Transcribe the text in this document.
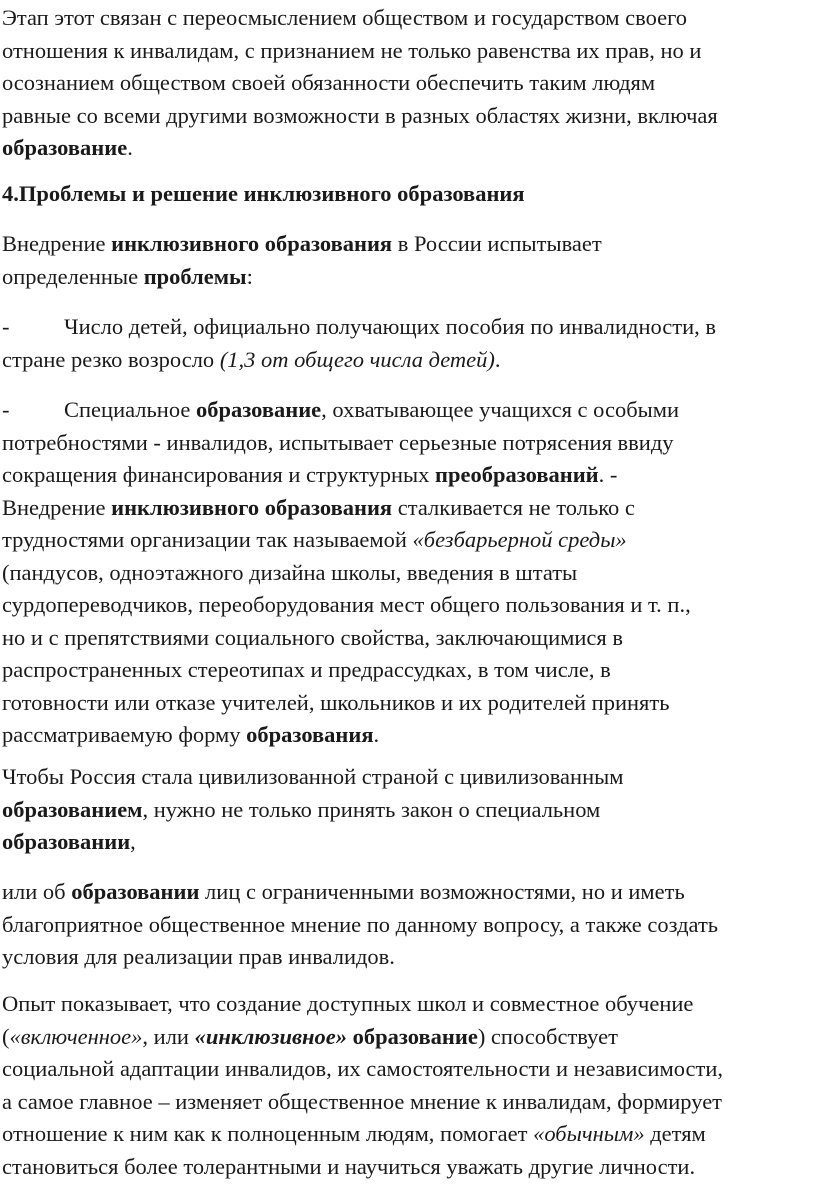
Этап этот связан с переосмыслением обществом и государством своего
отношения к инвалидам, с признанием не только равенства их прав, но и
осознанием обществом своей обязанности обеспечить таким людям
равные со всеми другими возможности в разных областях жизни, включая
образование.
4.Проблемы и решение инклюзивного образования
Внедрение инклюзивного образования в России испытывает
определенные проблемы:
- Число детей, официально получающих пособия по инвалидности, в
стране резко возросло (1,3 от общего числа детей).
- Специальное образование, охватывающее учащихся с особыми
потребностями - инвалидов, испытывает серьезные потрясения ввиду
сокращения финансирования и структурных преобразований. -
Внедрение инклюзивного образования сталкивается не только с
трудностями организации так называемой «безбарьерной среды»
(пандусов, одноэтажного дизайна школы, введения в штаты
сурдопереводчиков, переоборудования мест общего пользования и т. п.,
но и с препятствиями социального свойства, заключающимися в
распространенных стереотипах и предрассудках, в том числе, в
готовности или отказе учителей, школьников и их родителей принять
рассматриваемую форму образования.
Чтобы Россия стала цивилизованной страной с цивилизованным
образованием, нужно не только принять закон о специальном
образовании,
или об образовании лиц с ограниченными возможностями, но и иметь
благоприятное общественное мнение по данному вопросу, а также создать
условия для реализации прав инвалидов.
Опыт показывает, что создание доступных школ и совместное обучение
(«включенное», или «инклюзивное» образование) способствует
социальной адаптации инвалидов, их самостоятельности и независимости,
а самое главное – изменяет общественное мнение к инвалидам, формирует
отношение к ним как к полноценным людям, помогает «обычным» детям
становиться более толерантными и научиться уважать другие личности.
